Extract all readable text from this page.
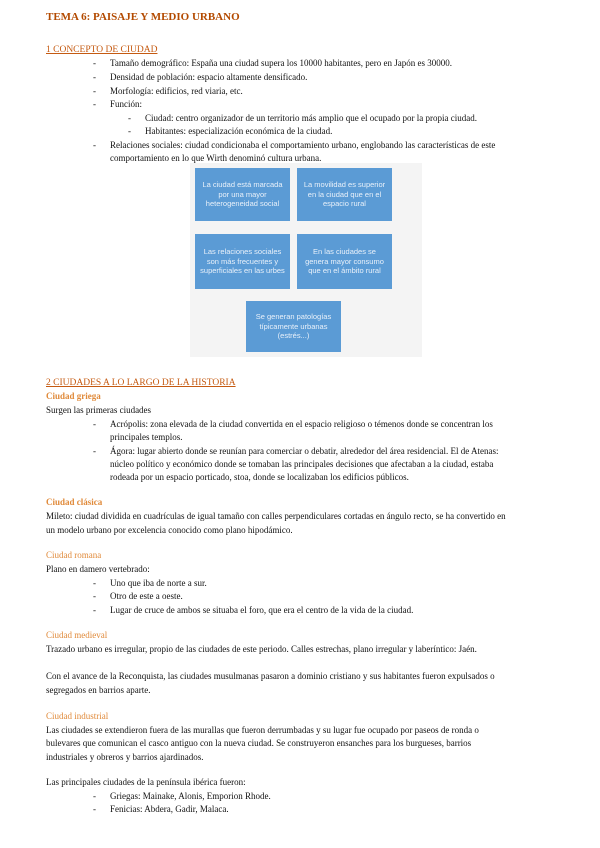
TEMA 6: PAISAJE Y MEDIO URBANO
1 CONCEPTO DE CIUDAD
- Tamaño demográfico: España una ciudad supera los 10000 habitantes, pero en Japón es 30000.
- Densidad de población: espacio altamente densificado.
- Morfología: edificios, red viaria, etc.
- Función:
- Ciudad: centro organizador de un territorio más amplio que el ocupado por la propia ciudad.
- Habitantes: especialización económica de la ciudad.
- Relaciones sociales: ciudad condicionaba el comportamiento urbano, englobando las características de este
comportamiento en lo que Wirth denominó cultura urbana.
La ciudad está marcada por una mayor heterogeneidad social
La movilidad es superior en la ciudad que en el espacio rural
Las relaciones sociales son más frecuentes y superficiales en las urbes
En las ciudades se genera mayor consumo que en el ámbito rural
Se generan patologías típicamente urbanas (estrés...)
2 CIUDADES A LO LARGO DE LA HISTORIA
Ciudad griega
Surgen las primeras ciudades
- Acrópolis: zona elevada de la ciudad convertida en el espacio religioso o témenos donde se concentran los
principales templos.
- Ágora: lugar abierto donde se reunían para comerciar o debatir, alrededor del área residencial. El de Atenas:
núcleo político y económico donde se tomaban las principales decisiones que afectaban a la ciudad, estaba
rodeada por un espacio porticado, stoa, donde se localizaban los edificios públicos.
Ciudad clásica
Mileto: ciudad dividida en cuadrículas de igual tamaño con calles perpendiculares cortadas en ángulo recto, se ha convertido en
un modelo urbano por excelencia conocido como plano hipodámico.
Ciudad romana
Plano en damero vertebrado:
- Uno que iba de norte a sur.
- Otro de este a oeste.
- Lugar de cruce de ambos se situaba el foro, que era el centro de la vida de la ciudad.
Ciudad medieval
Trazado urbano es irregular, propio de las ciudades de este periodo. Calles estrechas, plano irregular y laberíntico: Jaén.
Con el avance de la Reconquista, las ciudades musulmanas pasaron a dominio cristiano y sus habitantes fueron expulsados o
segregados en barrios aparte.
Ciudad industrial
Las ciudades se extendieron fuera de las murallas que fueron derrumbadas y su lugar fue ocupado por paseos de ronda o
bulevares que comunican el casco antiguo con la nueva ciudad. Se construyeron ensanches para los burgueses, barrios
industriales y obreros y barrios ajardinados.
Las principales ciudades de la península ibérica fueron:
- Griegas: Mainake, Alonis, Emporion Rhode.
- Fenicias: Abdera, Gadir, Malaca.
